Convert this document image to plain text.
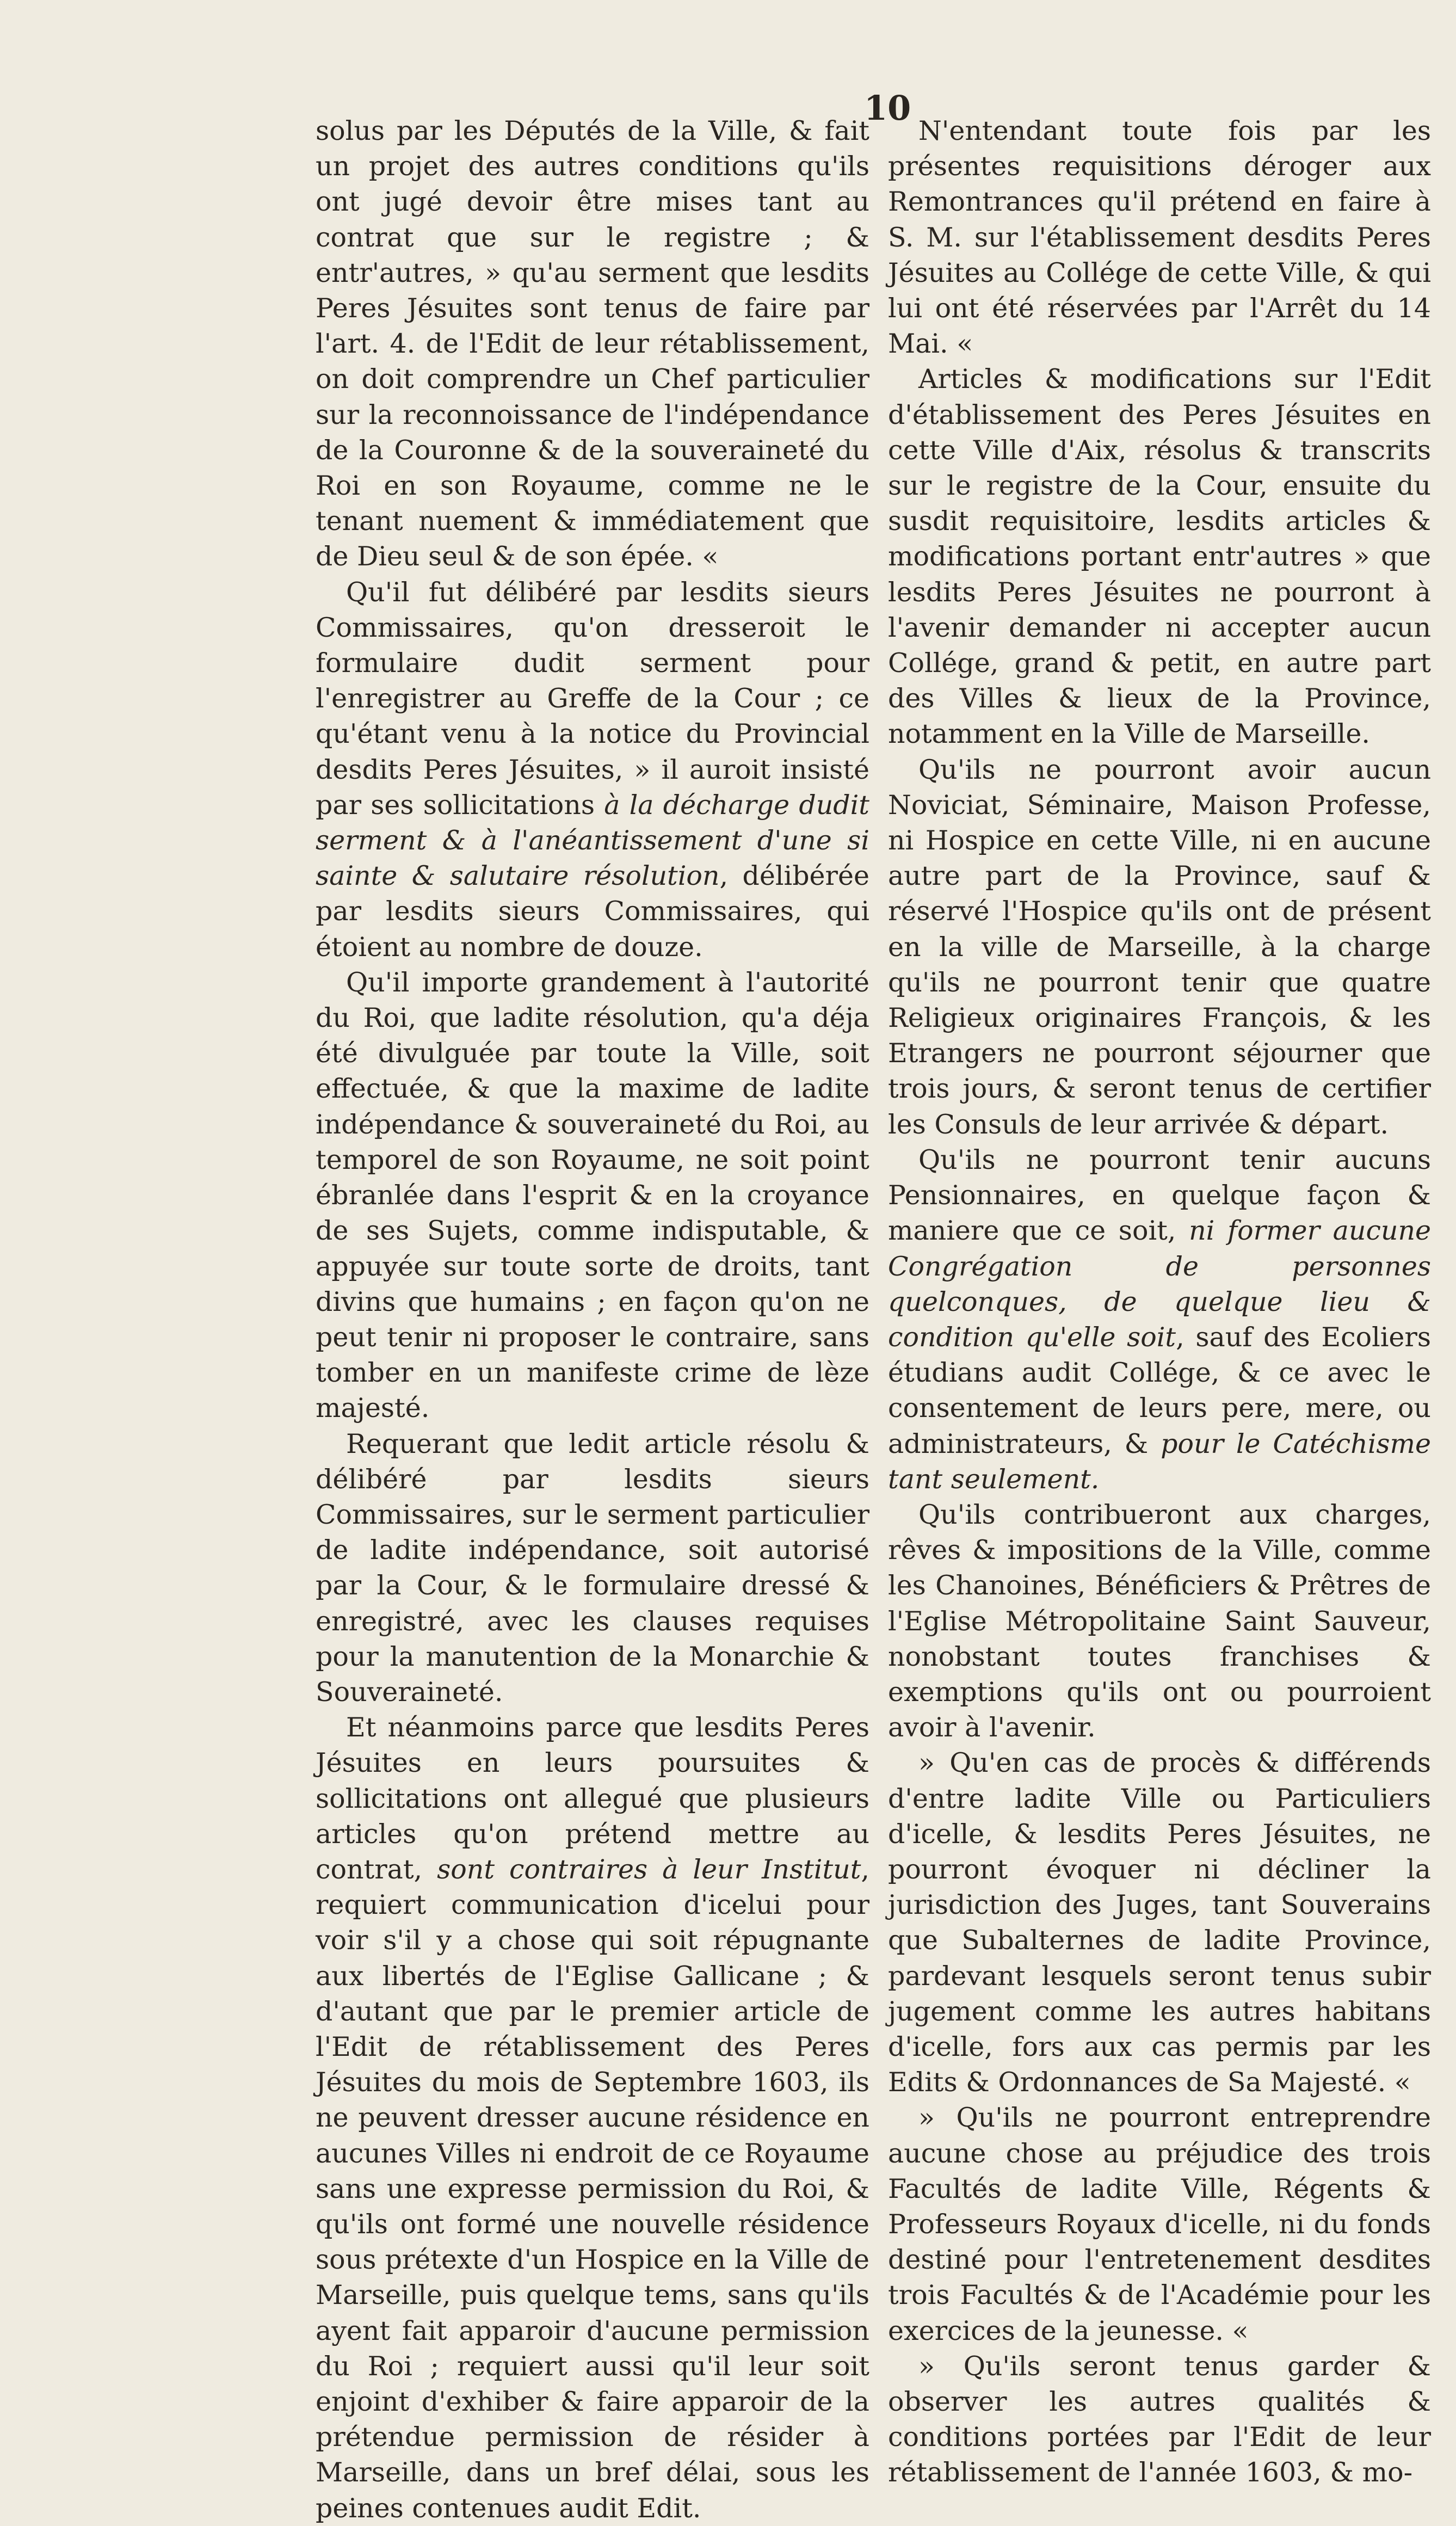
10

solus par les Députés de la Ville, & fait un projet des autres conditions qu'ils ont jugé devoir être mises tant au contrat que sur le registre ; & entr'autres, » qu'au serment que lesdits Peres Jésuites sont tenus de faire par l'art. 4. de l'Edit de leur rétablissement, on doit comprendre un Chef particulier sur la reconnoissance de l'indépendance de la Couronne & de la souveraineté du Roi en son Royaume, comme ne le tenant nuement & immédiatement que de Dieu seul & de son épée. «

Qu'il fut délibéré par lesdits sieurs Commissaires, qu'on dresseroit le formulaire dudit serment pour l'enregistrer au Greffe de la Cour ; ce qu'étant venu à la notice du Provincial desdits Peres Jésuites, » il auroit insisté par ses sollicitations à la décharge dudit serment & à l'anéantissement d'une si sainte & salutaire résolution, délibérée par lesdits sieurs Commissaires, qui étoient au nombre de douze.

Qu'il importe grandement à l'autorité du Roi, que ladite résolution, qu'a déja été divulguée par toute la Ville, soit effectuée, & que la maxime de ladite indépendance & souveraineté du Roi, au temporel de son Royaume, ne soit point ébranlée dans l'esprit & en la croyance de ses Sujets, comme indisputable, & appuyée sur toute sorte de droits, tant divins que humains ; en façon qu'on ne peut tenir ni proposer le contraire, sans tomber en un manifeste crime de lèze majesté.

Requerant que ledit article résolu & délibéré par lesdits sieurs Commissaires, sur le serment particulier de ladite indépendance, soit autorisé par la Cour, & le formulaire dressé & enregistré, avec les clauses requises pour la manutention de la Monarchie & Souveraineté.

Et néanmoins parce que lesdits Peres Jésuites en leurs poursuites & sollicitations ont allegué que plusieurs articles qu'on prétend mettre au contrat, sont contraires à leur Institut, requiert communication d'icelui pour voir s'il y a chose qui soit répugnante aux libertés de l'Eglise Gallicane ; & d'autant que par le premier article de l'Edit de rétablissement des Peres Jésuites du mois de Septembre 1603, ils ne peuvent dresser aucune résidence en aucunes Villes ni endroit de ce Royaume sans une expresse permission du Roi, & qu'ils ont formé une nouvelle résidence sous prétexte d'un Hospice en la Ville de Marseille, puis quelque tems, sans qu'ils ayent fait apparoir d'aucune permission du Roi ; requiert aussi qu'il leur soit enjoint d'exhiber & faire apparoir de la prétendue permission de résider à Marseille, dans un bref délai, sous les peines contenues audit Edit.

N'entendant toute fois par les présentes requisitions déroger aux Remontrances qu'il prétend en faire à S. M. sur l'établissement desdits Peres Jésuites au Collége de cette Ville, & qui lui ont été réservées par l'Arrêt du 14 Mai. «

Articles & modifications sur l'Edit d'établissement des Peres Jésuites en cette Ville d'Aix, résolus & transcrits sur le registre de la Cour, ensuite du susdit requisitoire, lesdits articles & modifications portant entr'autres » que lesdits Peres Jésuites ne pourront à l'avenir demander ni accepter aucun Collége, grand & petit, en autre part des Villes & lieux de la Province, notamment en la Ville de Marseille.

Qu'ils ne pourront avoir aucun Noviciat, Séminaire, Maison Professe, ni Hospice en cette Ville, ni en aucune autre part de la Province, sauf & réservé l'Hospice qu'ils ont de présent en la ville de Marseille, à la charge qu'ils ne pourront tenir que quatre Religieux originaires François, & les Etrangers ne pourront séjourner que trois jours, & seront tenus de certifier les Consuls de leur arrivée & départ.

Qu'ils ne pourront tenir aucuns Pensionnaires, en quelque façon & maniere que ce soit, ni former aucune Congrégation de personnes quelconques, de quelque lieu & condition qu'elle soit, sauf des Ecoliers étudians audit Collége, & ce avec le consentement de leurs pere, mere, ou administrateurs, & pour le Catéchisme tant seulement.

Qu'ils contribueront aux charges, rêves & impositions de la Ville, comme les Chanoines, Bénéficiers & Prêtres de l'Eglise Métropolitaine Saint Sauveur, nonobstant toutes franchises & exemptions qu'ils ont ou pourroient avoir à l'avenir.

» Qu'en cas de procès & différends d'entre ladite Ville ou Particuliers d'icelle, & lesdits Peres Jésuites, ne pourront évoquer ni décliner la jurisdiction des Juges, tant Souverains que Subalternes de ladite Province, pardevant lesquels seront tenus subir jugement comme les autres habitans d'icelle, fors aux cas permis par les Edits & Ordonnances de Sa Majesté. «

» Qu'ils ne pourront entreprendre aucune chose au préjudice des trois Facultés de ladite Ville, Régents & Professeurs Royaux d'icelle, ni du fonds destiné pour l'entretenement desdites trois Facultés & de l'Académie pour les exercices de la jeunesse. «

» Qu'ils seront tenus garder & observer les autres qualités & conditions portées par l'Edit de leur rétablissement de l'année 1603, & mo-
